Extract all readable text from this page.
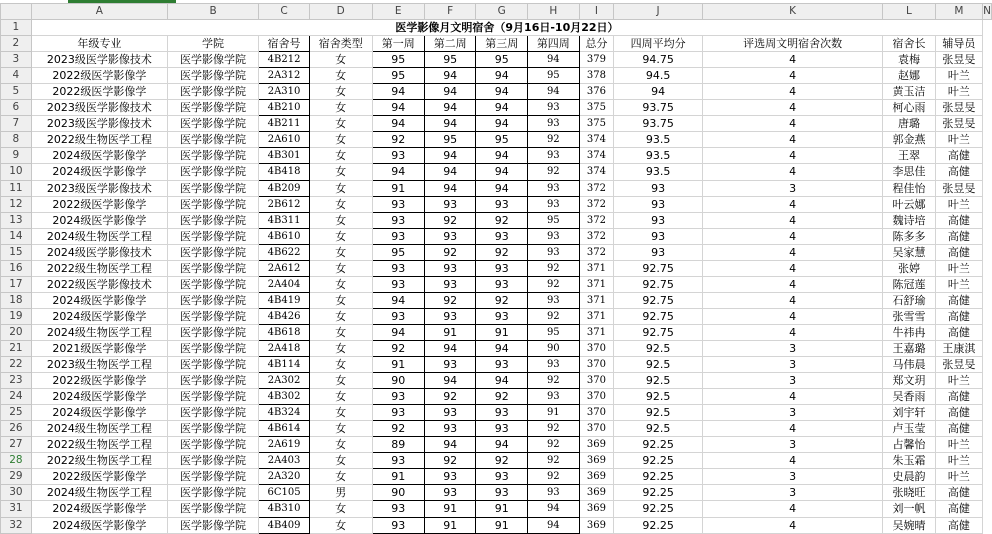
	A	B	C	D	E	F	G	H	I	J	K	L	M	N
1	医学影像月文明宿舍（9月16日-10月22日）													
2	年级专业	学院	宿舍号	宿舍类型	第一周	第二周	第三周	第四周	总分	四周平均分	评选周文明宿舍次数	宿舍长	辅导员	
3	2023级医学影像技术	医学影像学院	4B212	女	95	95	95	94	379	94.75	4	袁梅	张昱旻	
4	2022级医学影像学	医学影像学院	2A312	女	95	94	94	95	378	94.5	4	赵娜	叶兰	
5	2022级医学影像学	医学影像学院	2A310	女	94	94	94	94	376	94	4	黄玉洁	叶兰	
6	2023级医学影像技术	医学影像学院	4B210	女	94	94	94	93	375	93.75	4	柯心雨	张昱旻	
7	2023级医学影像技术	医学影像学院	4B211	女	94	94	94	93	375	93.75	4	唐璐	张昱旻	
8	2022级生物医学工程	医学影像学院	2A610	女	92	95	95	92	374	93.5	4	郭金燕	叶兰	
9	2024级医学影像学	医学影像学院	4B301	女	93	94	94	93	374	93.5	4	王翠	高健	
10	2024级医学影像学	医学影像学院	4B418	女	94	94	94	92	374	93.5	4	李思佳	高健	
11	2023级医学影像技术	医学影像学院	4B209	女	91	94	94	93	372	93	3	程佳怡	张昱旻	
12	2022级医学影像学	医学影像学院	2B612	女	93	93	93	93	372	93	4	叶云娜	叶兰	
13	2024级医学影像学	医学影像学院	4B311	女	93	92	92	95	372	93	4	魏诗培	高健	
14	2024级生物医学工程	医学影像学院	4B610	女	93	93	93	93	372	93	4	陈多多	高健	
15	2024级医学影像技术	医学影像学院	4B622	女	95	92	92	93	372	93	4	吴家慧	高健	
16	2022级生物医学工程	医学影像学院	2A612	女	93	93	93	92	371	92.75	4	张婷	叶兰	
17	2022级医学影像技术	医学影像学院	2A404	女	93	93	93	92	371	92.75	4	陈冠莲	叶兰	
18	2024级医学影像学	医学影像学院	4B419	女	94	92	92	93	371	92.75	4	石舒瑜	高健	
19	2024级医学影像学	医学影像学院	4B426	女	93	93	93	92	371	92.75	4	张雪雪	高健	
20	2024级生物医学工程	医学影像学院	4B618	女	94	91	91	95	371	92.75	4	牛祎冉	高健	
21	2021级医学影像学	医学影像学院	2A418	女	92	94	94	90	370	92.5	3	王嘉璐	王康淇	
22	2023级生物医学工程	医学影像学院	4B114	女	91	93	93	93	370	92.5	3	马伟晨	张昱旻	
23	2022级医学影像学	医学影像学院	2A302	女	90	94	94	92	370	92.5	3	郑文玥	叶兰	
24	2024级医学影像学	医学影像学院	4B302	女	93	92	92	93	370	92.5	4	吴香雨	高健	
25	2024级医学影像学	医学影像学院	4B324	女	93	93	93	91	370	92.5	3	刘宇轩	高健	
26	2024级生物医学工程	医学影像学院	4B614	女	92	93	93	92	370	92.5	4	卢玉莹	高健	
27	2022级生物医学工程	医学影像学院	2A619	女	89	94	94	92	369	92.25	3	占馨怡	叶兰	
28	2022级生物医学工程	医学影像学院	2A403	女	93	92	92	92	369	92.25	4	朱玉霜	叶兰	
29	2022级医学影像学	医学影像学院	2A320	女	91	93	93	92	369	92.25	3	史晨韵	叶兰	
30	2024级生物医学工程	医学影像学院	6C105	男	90	93	93	93	369	92.25	3	张晓旺	高健	
31	2024级医学影像学	医学影像学院	4B310	女	93	91	91	94	369	92.25	4	刘一帆	高健	
32	2024级医学影像学	医学影像学院	4B409	女	93	91	91	94	369	92.25	4	吴婉晴	高健	
